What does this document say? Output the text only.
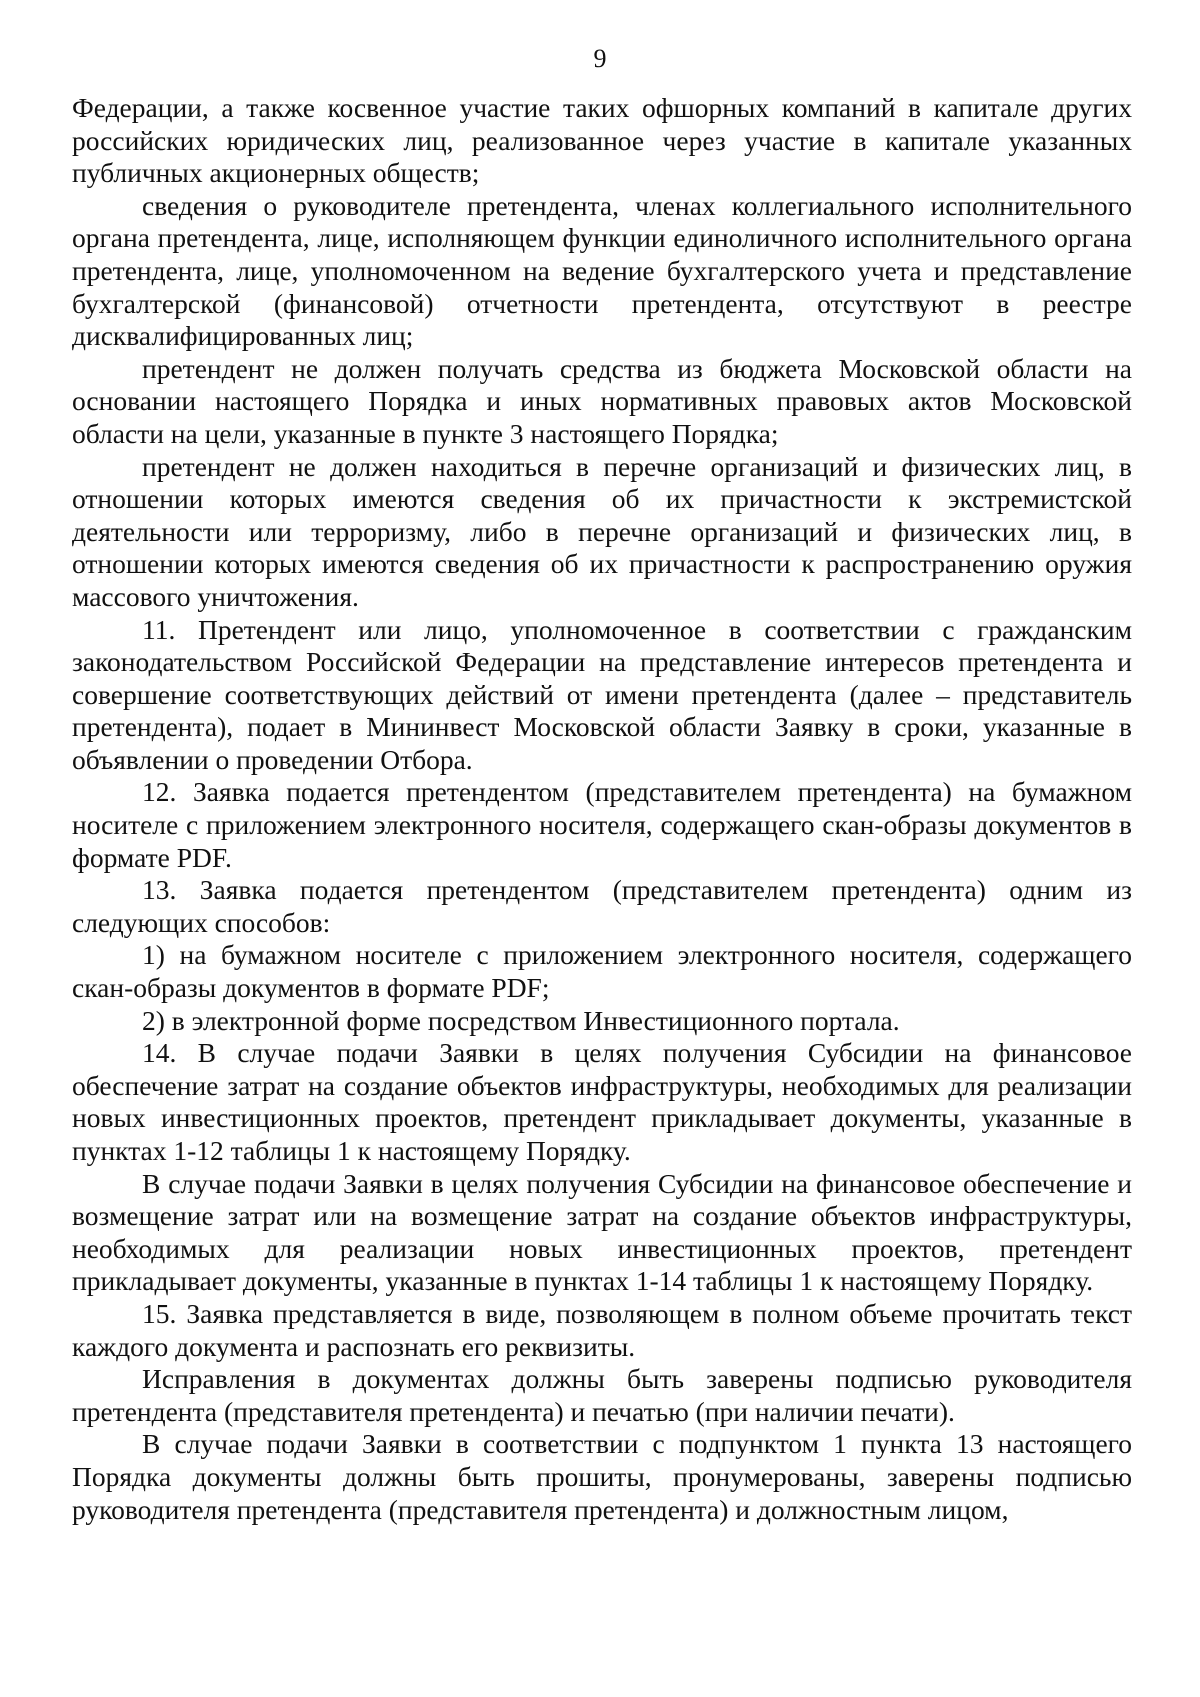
9

Федерации, а также косвенное участие таких офшорных компаний в капитале других российских юридических лиц, реализованное через участие в капитале указанных публичных акционерных обществ;

сведения о руководителе претендента, членах коллегиального исполнительного органа претендента, лице, исполняющем функции единоличного исполнительного органа претендента, лице, уполномоченном на ведение бухгалтерского учета и представление бухгалтерской (финансовой) отчетности претендента, отсутствуют в реестре дисквалифицированных лиц;

претендент не должен получать средства из бюджета Московской области на основании настоящего Порядка и иных нормативных правовых актов Московской области на цели, указанные в пункте 3 настоящего Порядка;

претендент не должен находиться в перечне организаций и физических лиц, в отношении которых имеются сведения об их причастности к экстремистской деятельности или терроризму, либо в перечне организаций и физических лиц, в отношении которых имеются сведения об их причастности к распространению оружия массового уничтожения.

11. Претендент или лицо, уполномоченное в соответствии с гражданским законодательством Российской Федерации на представление интересов претендента и совершение соответствующих действий от имени претендента (далее – представитель претендента), подает в Мининвест Московской области Заявку в сроки, указанные в объявлении о проведении Отбора.

12. Заявка подается претендентом (представителем претендента) на бумажном носителе с приложением электронного носителя, содержащего скан-образы документов в формате PDF.

13. Заявка подается претендентом (представителем претендента) одним из следующих способов:

1) на бумажном носителе с приложением электронного носителя, содержащего скан-образы документов в формате PDF;

2) в электронной форме посредством Инвестиционного портала.

14. В случае подачи Заявки в целях получения Субсидии на финансовое обеспечение затрат на создание объектов инфраструктуры, необходимых для реализации новых инвестиционных проектов, претендент прикладывает документы, указанные в пунктах 1-12 таблицы 1 к настоящему Порядку.

В случае подачи Заявки в целях получения Субсидии на финансовое обеспечение и возмещение затрат или на возмещение затрат на создание объектов инфраструктуры, необходимых для реализации новых инвестиционных проектов, претендент прикладывает документы, указанные в пунктах 1-14 таблицы 1 к настоящему Порядку.

15. Заявка представляется в виде, позволяющем в полном объеме прочитать текст каждого документа и распознать его реквизиты.

Исправления в документах должны быть заверены подписью руководителя претендента (представителя претендента) и печатью (при наличии печати).

В случае подачи Заявки в соответствии с подпунктом 1 пункта 13 настоящего Порядка документы должны быть прошиты, пронумерованы, заверены подписью руководителя претендента (представителя претендента) и должностным лицом,
